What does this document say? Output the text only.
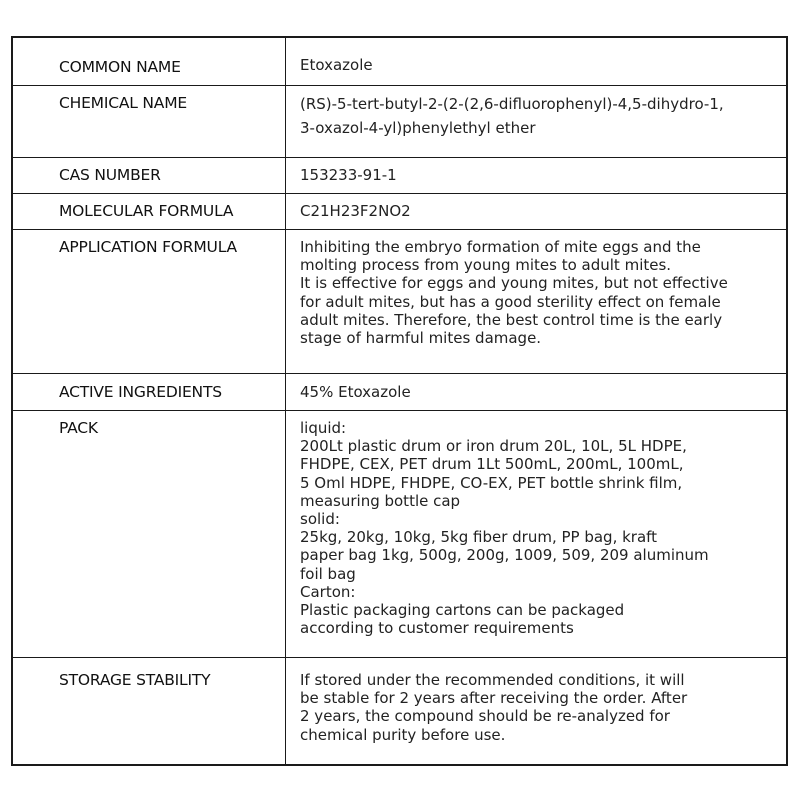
COMMON NAME	Etoxazole
CHEMICAL NAME	(RS)-5-tert-butyl-2-(2-(2,6-difluorophenyl)-4,5-dihydro-1,
3-oxazol-4-yl)phenylethyl ether
CAS NUMBER	153233-91-1
MOLECULAR FORMULA	C21H23F2NO2
APPLICATION FORMULA	Inhibiting the embryo formation of mite eggs and the
molting process from young mites to adult mites.
It is effective for eggs and young mites, but not effective
for adult mites, but has a good sterility effect on female
adult mites. Therefore, the best control time is the early
stage of harmful mites damage.
ACTIVE INGREDIENTS	45% Etoxazole
PACK	liquid:
200Lt plastic drum or iron drum 20L, 10L, 5L HDPE,
FHDPE, CEX, PET drum 1Lt 500mL, 200mL, 100mL,
5 Oml HDPE, FHDPE, CO-EX, PET bottle shrink film,
measuring bottle cap
solid:
25kg, 20kg, 10kg, 5kg fiber drum, PP bag, kraft
paper bag 1kg, 500g, 200g, 1009, 509, 209 aluminum
foil bag
Carton:
Plastic packaging cartons can be packaged
according to customer requirements
STORAGE STABILITY	If stored under the recommended conditions, it will
be stable for 2 years after receiving the order. After
2 years, the compound should be re-analyzed for
chemical purity before use.
